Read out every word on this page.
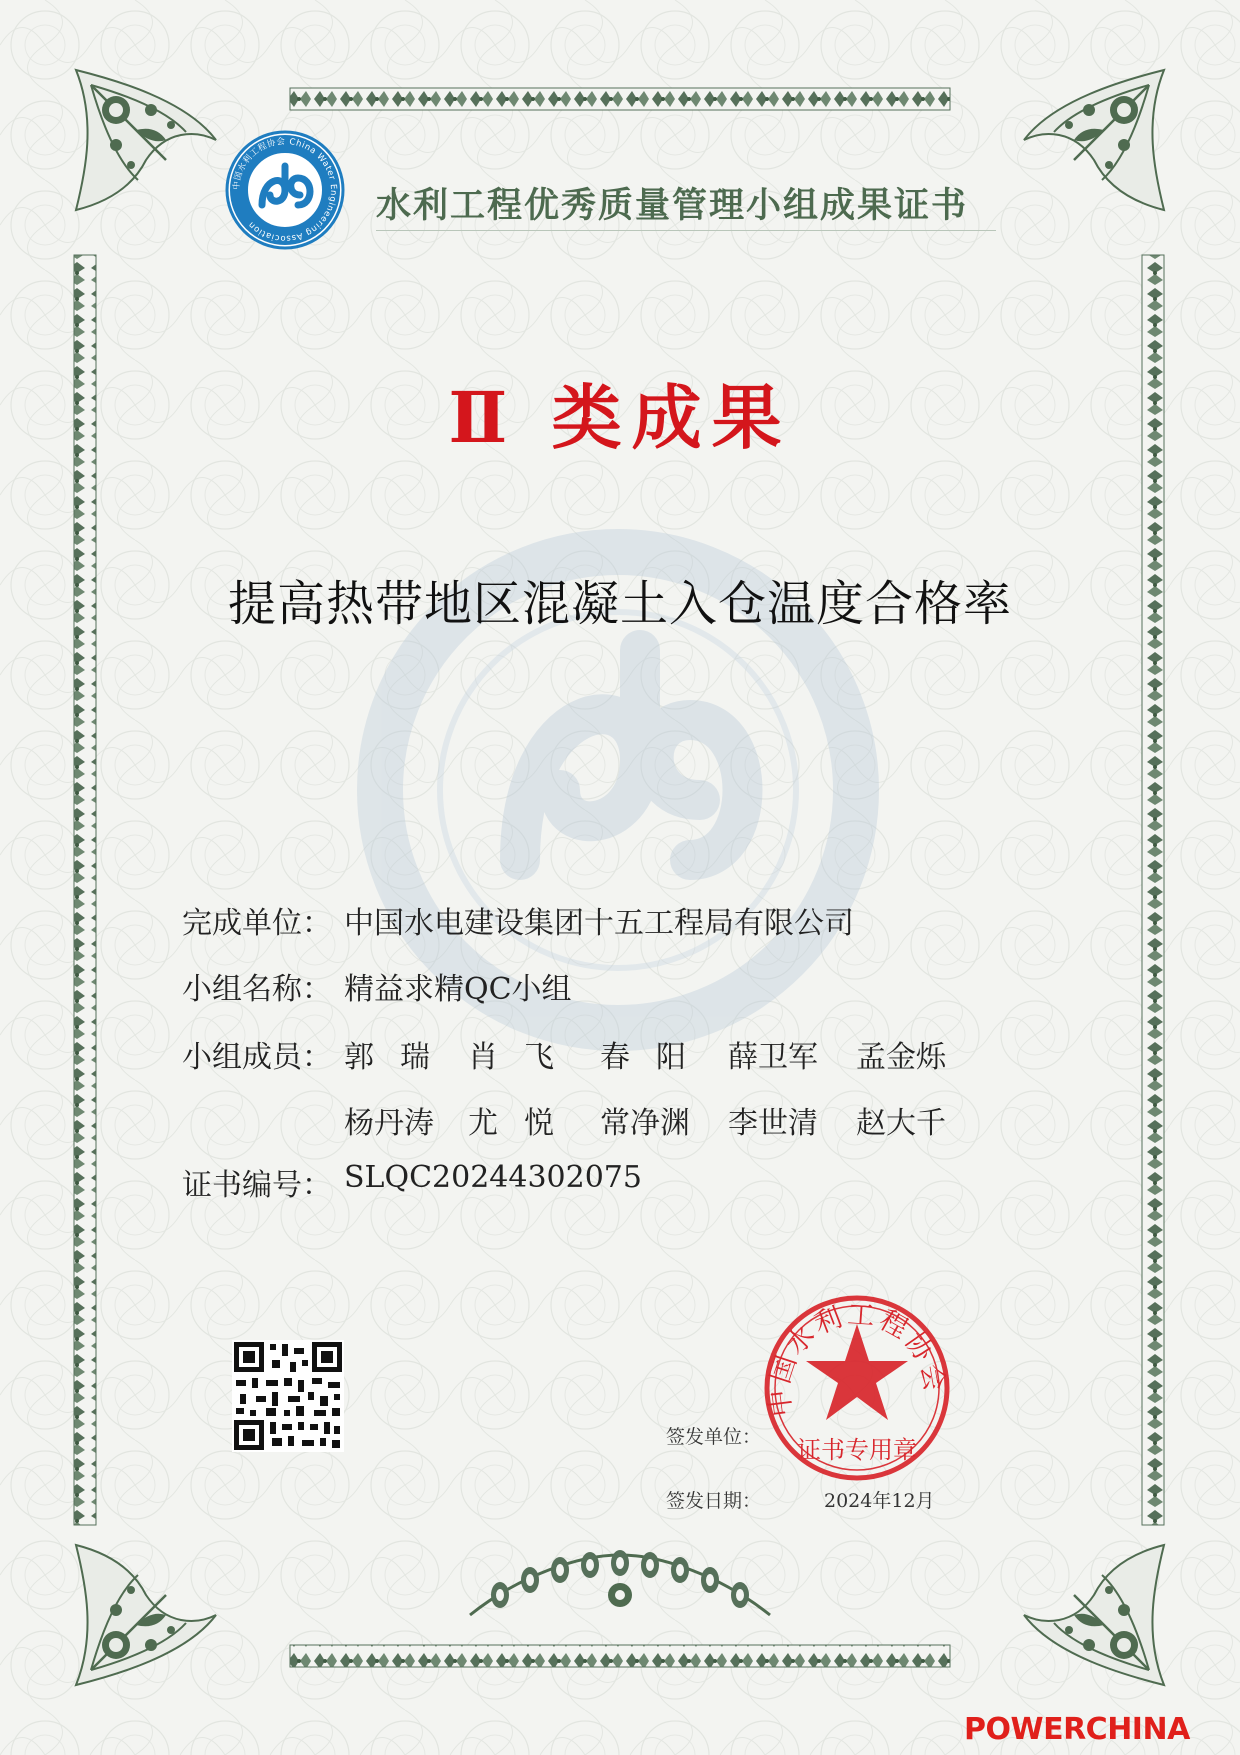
水利工程优秀质量管理小组成果证书
中国水利工程协会 China Water Engineering Association
Ⅱ 类成果
提高热带地区混凝土入仓温度合格率
完成单位： 中国水电建设集团十五工程局有限公司
小组名称： 精益求精QC小组
小组成员： 郭瑞 肖飞 春阳 薛卫军 孟金烁
杨丹涛 尤悦 常净渊 李世清 赵大千
证书编号： SLQC20244302075
签发单位：
签发日期：	2024年12月
中国水利工程协会
证书专用章
POWERCHINA
